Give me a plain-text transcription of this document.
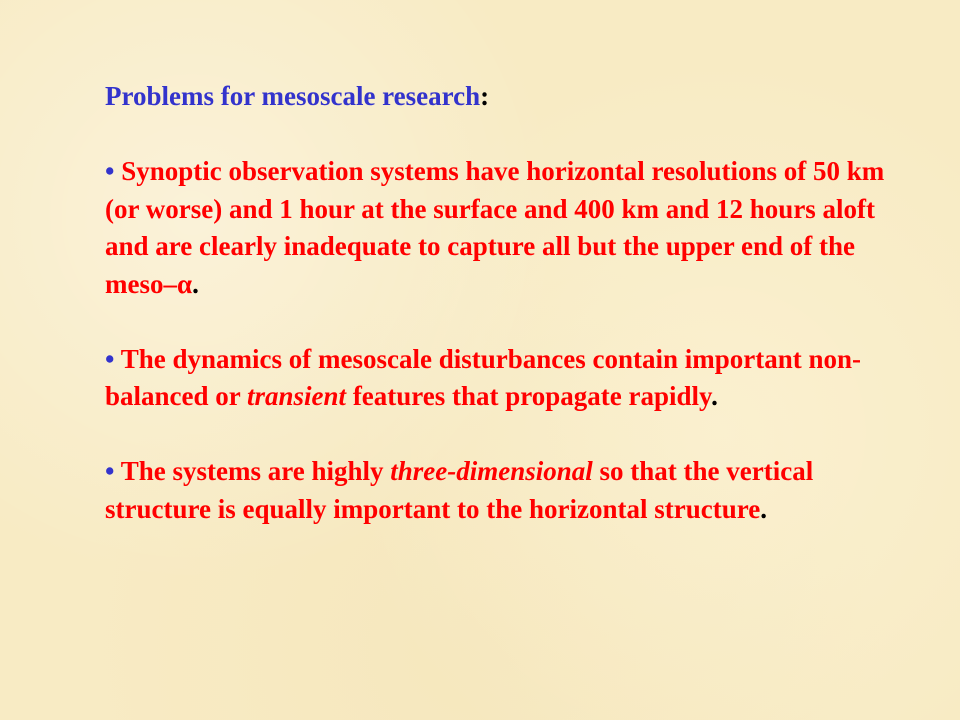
Problems for mesoscale research:

• Synoptic observation systems have horizontal resolutions of 50 km (or worse) and 1 hour at the surface and 400 km and 12 hours aloft and are clearly inadequate to capture all but the upper end of the meso–α.

• The dynamics of mesoscale disturbances contain important non-balanced or transient features that propagate rapidly.

• The systems are highly three-dimensional so that the vertical structure is equally important to the horizontal structure.
